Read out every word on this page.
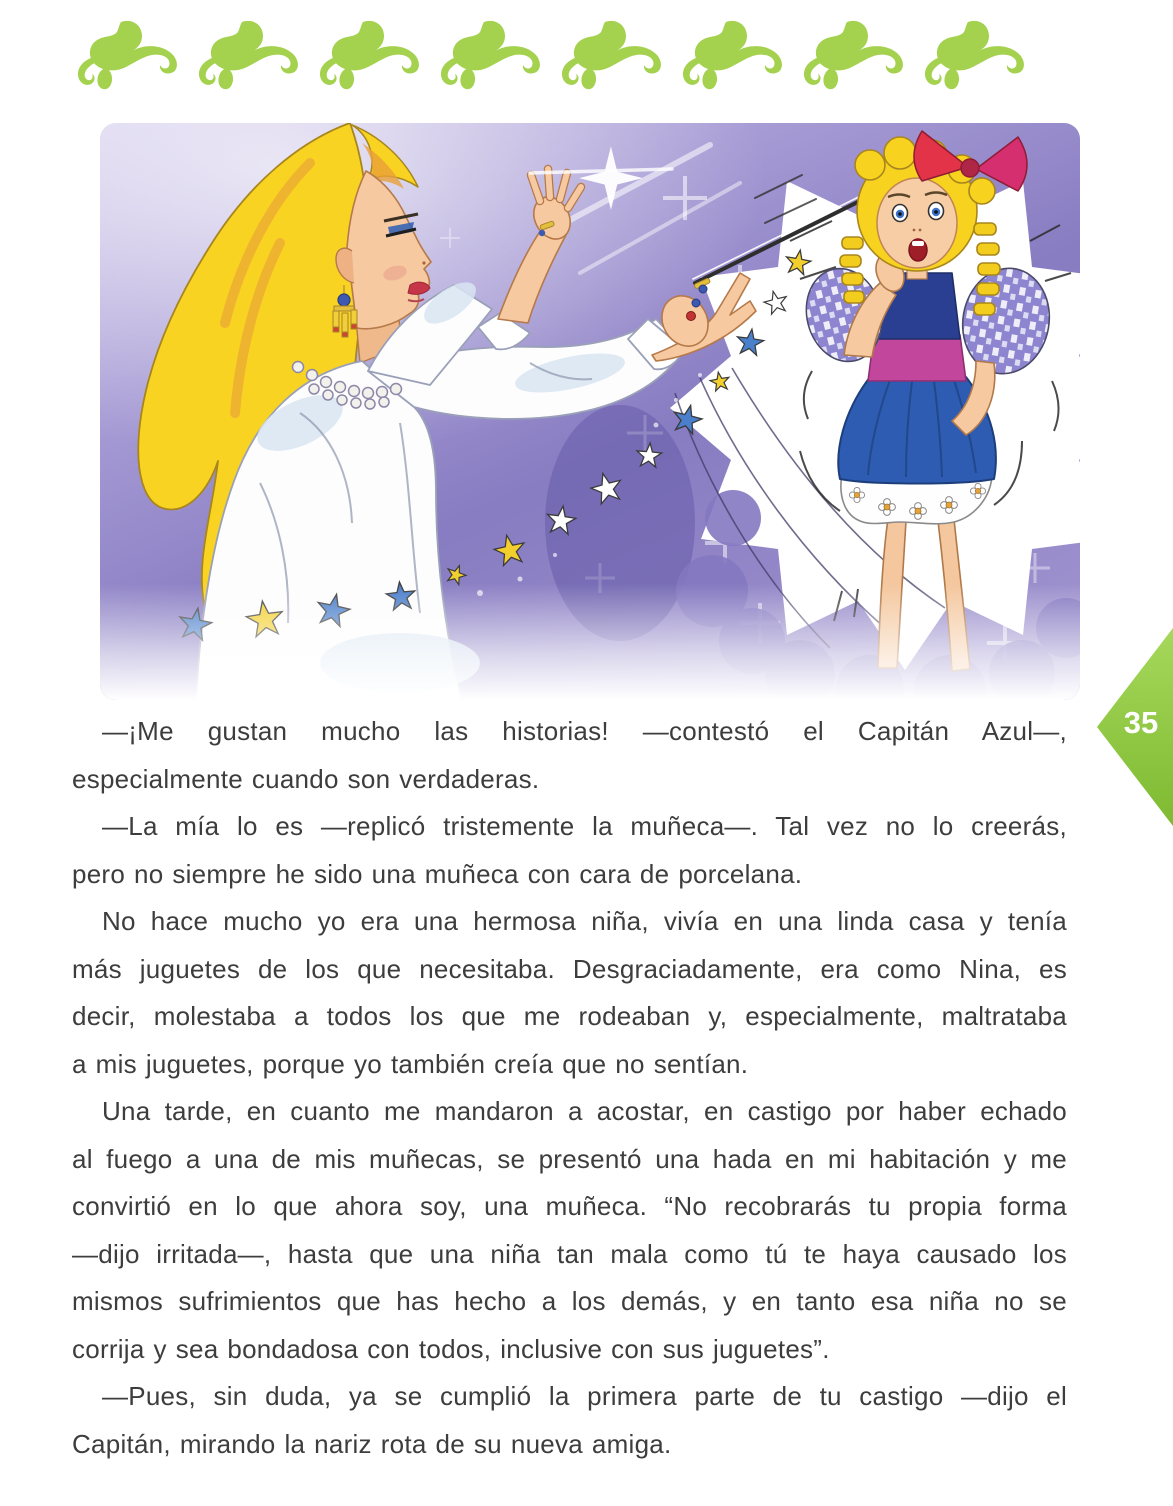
35

—¡Me gustan mucho las historias! —contestó el Capitán Azul—,
especialmente cuando son verdaderas.

—La mía lo es —replicó tristemente la muñeca—. Tal vez no lo creerás,
pero no siempre he sido una muñeca con cara de porcelana.

No hace mucho yo era una hermosa niña, vivía en una linda casa y tenía
más juguetes de los que necesitaba. Desgraciadamente, era como Nina, es
decir, molestaba a todos los que me rodeaban y, especialmente, maltrataba
a mis juguetes, porque yo también creía que no sentían.

Una tarde, en cuanto me mandaron a acostar, en castigo por haber echado
al fuego a una de mis muñecas, se presentó una hada en mi habitación y me
convirtió en lo que ahora soy, una muñeca. “No recobrarás tu propia forma
—dijo irritada—, hasta que una niña tan mala como tú te haya causado los
mismos sufrimientos que has hecho a los demás, y en tanto esa niña no se
corrija y sea bondadosa con todos, inclusive con sus juguetes”.

—Pues, sin duda, ya se cumplió la primera parte de tu castigo —dijo el
Capitán, mirando la nariz rota de su nueva amiga.
